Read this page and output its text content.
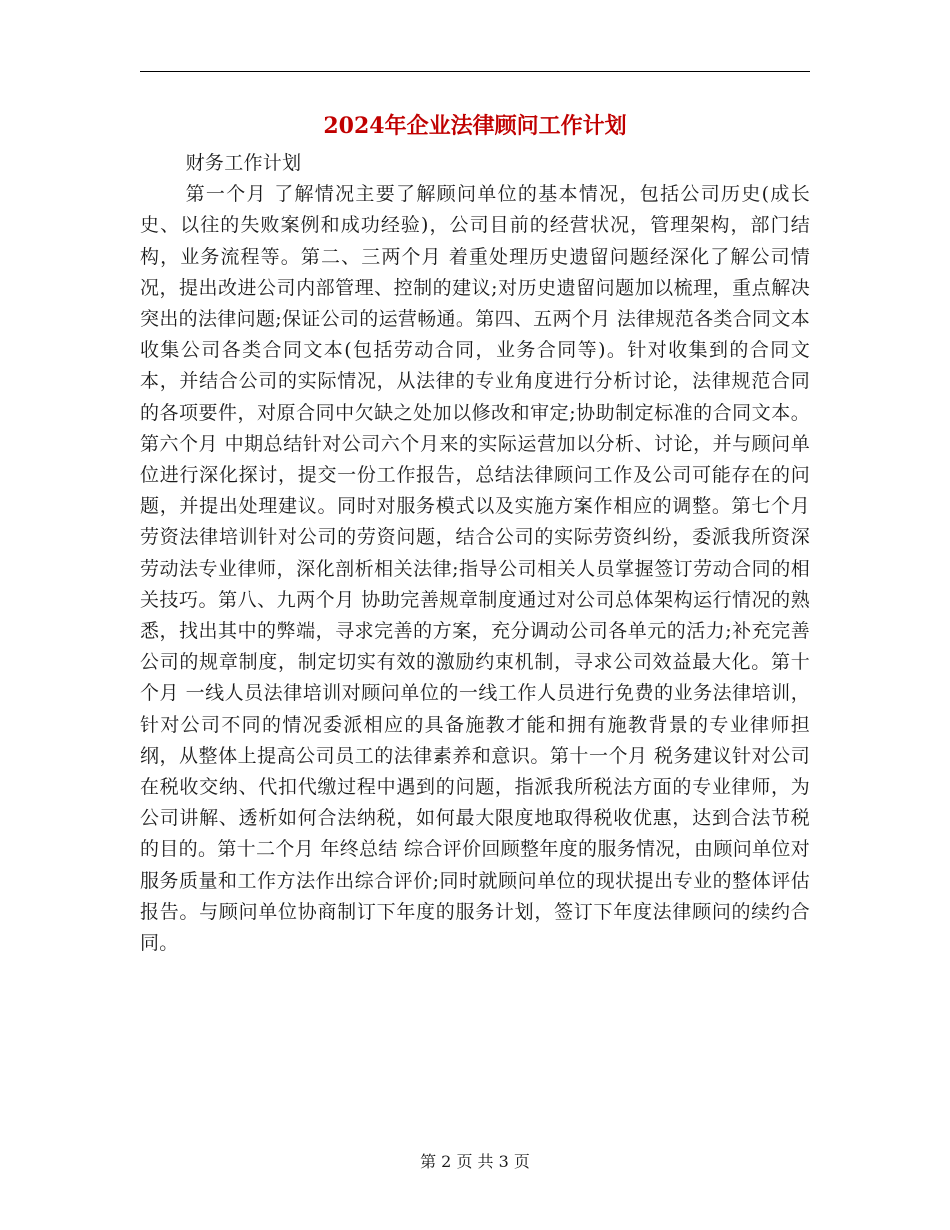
2024年企业法律顾问工作计划

财务工作计划

第一个月 了解情况主要了解顾问单位的基本情况，包括公司历史(成长史、以往的失败案例和成功经验)，公司目前的经营状况，管理架构，部门结构，业务流程等。第二、三两个月 着重处理历史遗留问题经深化了解公司情况，提出改进公司内部管理、控制的建议;对历史遗留问题加以梳理，重点解决突出的法律问题;保证公司的运营畅通。第四、五两个月 法律规范各类合同文本收集公司各类合同文本(包括劳动合同，业务合同等)。针对收集到的合同文本，并结合公司的实际情况，从法律的专业角度进行分析讨论，法律规范合同的各项要件，对原合同中欠缺之处加以修改和审定;协助制定标准的合同文本。第六个月 中期总结针对公司六个月来的实际运营加以分析、讨论，并与顾问单位进行深化探讨，提交一份工作报告，总结法律顾问工作及公司可能存在的问题，并提出处理建议。同时对服务模式以及实施方案作相应的调整。第七个月 劳资法律培训针对公司的劳资问题，结合公司的实际劳资纠纷，委派我所资深劳动法专业律师，深化剖析相关法律;指导公司相关人员掌握签订劳动合同的相关技巧。第八、九两个月 协助完善规章制度通过对公司总体架构运行情况的熟悉，找出其中的弊端，寻求完善的方案，充分调动公司各单元的活力;补充完善公司的规章制度，制定切实有效的激励约束机制，寻求公司效益最大化。第十个月 一线人员法律培训对顾问单位的一线工作人员进行免费的业务法律培训，针对公司不同的情况委派相应的具备施教才能和拥有施教背景的专业律师担纲，从整体上提高公司员工的法律素养和意识。第十一个月 税务建议针对公司在税收交纳、代扣代缴过程中遇到的问题，指派我所税法方面的专业律师，为公司讲解、透析如何合法纳税，如何最大限度地取得税收优惠，达到合法节税的目的。第十二个月 年终总结 综合评价回顾整年度的服务情况，由顾问单位对服务质量和工作方法作出综合评价;同时就顾问单位的现状提出专业的整体评估报告。与顾问单位协商制订下年度的服务计划，签订下年度法律顾问的续约合同。

第 2 页 共 3 页
